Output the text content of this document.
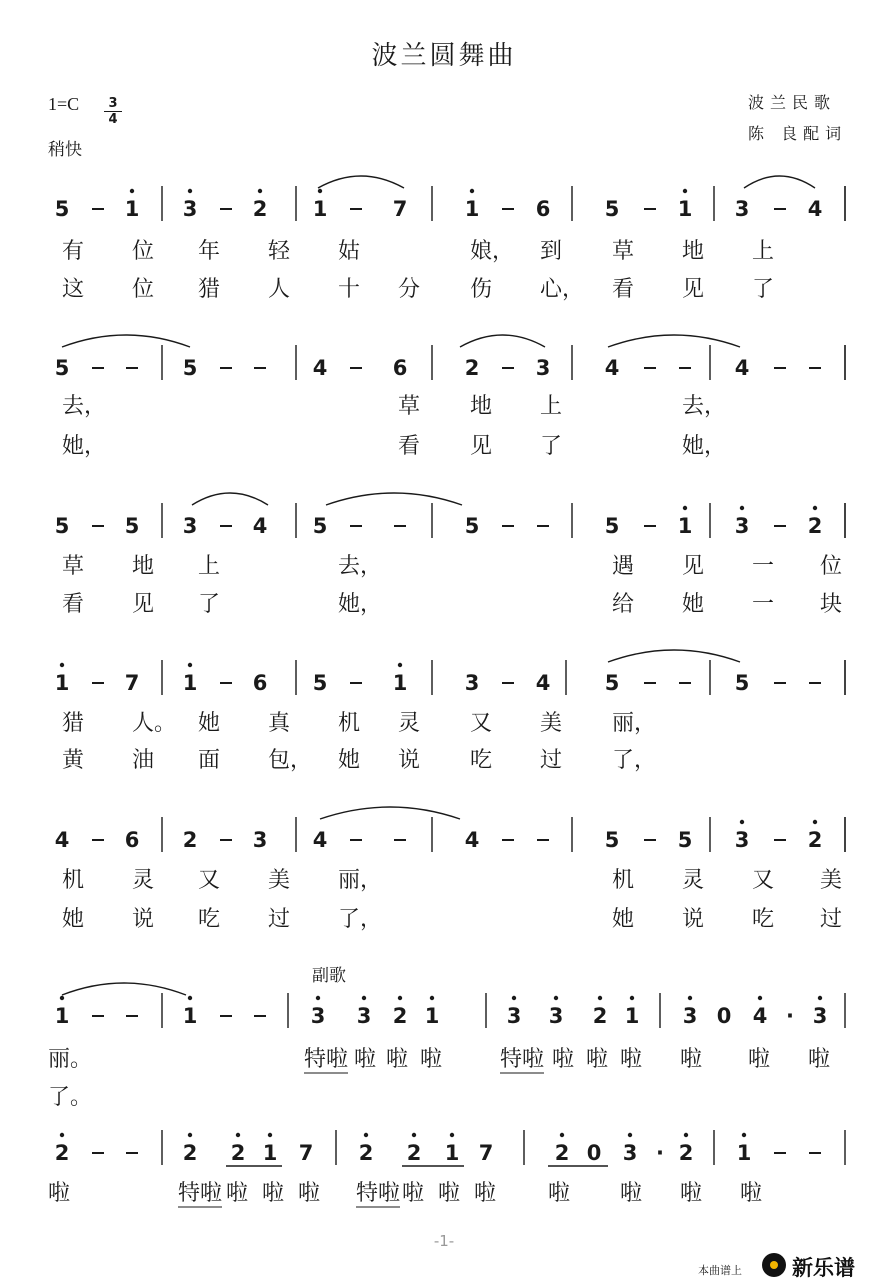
波兰圆舞曲
$1=C \frac{3}{4}$
稍快
波兰民歌
陈 良配词
副歌
5	1 3	2 1	7	1	6	5	1 3	4
有 位 年 轻 姑	娘， 到 草 地 上
这 位 猎 人 十 分 伤 心， 看 见 了
5	5	4	6	2	3	4	4
去，	草 地 上	去，
她，	看 见 了	她，
5	5 3	4 5	5	5	1 3	2
草 地 上	去，	遇 见 一 位
看 见 了	她，	给 她 一 块
1	7 1	6 5	1	3	4	5	5
猎 人。 她 真 机 灵 又 美 丽，
黄 油 面 包， 她 说 吃 过 了，
4	6 2	3 4	4	5	5 3	2
机 灵 又 美 丽，	机 灵 又 美
她 说 吃 过 了，	她 说 吃 过
1	1	3 3 2 1	3 3 2 1 3 0 4 · 3
丽。	特啦 啦 啦 啦	特啦 啦 啦 啦 啦 啦 啦
了。
2	2 2 1 7 2 2 1 7	2 0 3 · 2 1
啦	特啦 啦 啦 啦 特啦 啦 啦 啦 啦 啦 啦 啦
-1-
本曲谱上 新乐谱
